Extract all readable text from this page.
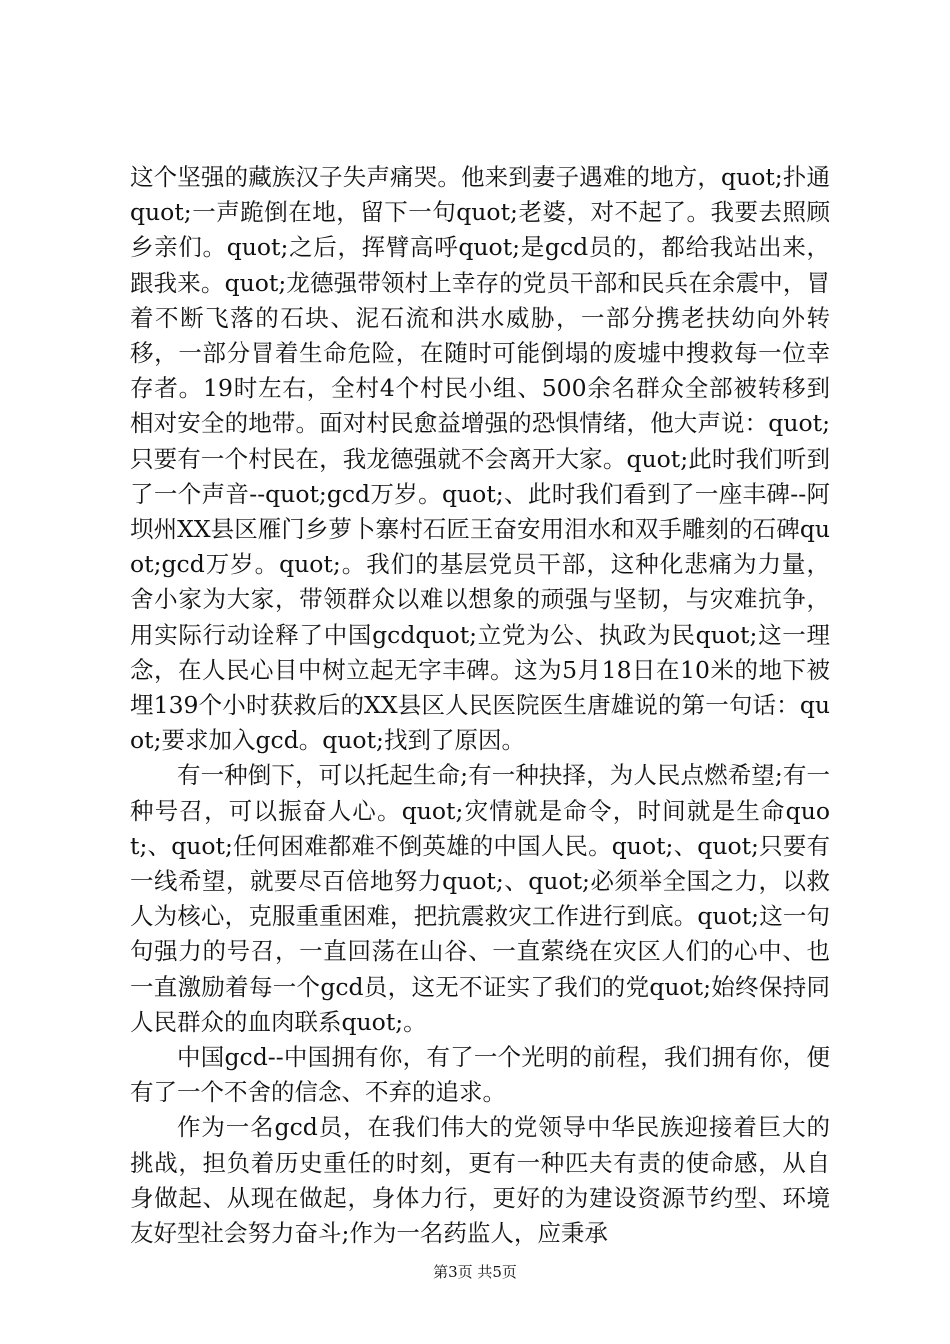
这个坚强的藏族汉子失声痛哭。他来到妻子遇难的地方，quot;扑通quot;一声跪倒在地，留下一句quot;老婆，对不起了。我要去照顾乡亲们。quot;之后，挥臂高呼quot;是gcd员的，都给我站出来，跟我来。quot;龙德强带领村上幸存的党员干部和民兵在余震中，冒着不断飞落的石块、泥石流和洪水威胁，一部分携老扶幼向外转移，一部分冒着生命危险，在随时可能倒塌的废墟中搜救每一位幸存者。19时左右，全村4个村民小组、500余名群众全部被转移到相对安全的地带。面对村民愈益增强的恐惧情绪，他大声说：quot;只要有一个村民在，我龙德强就不会离开大家。quot;此时我们听到了一个声音--quot;gcd万岁。quot;、此时我们看到了一座丰碑--阿坝州XX县区雁门乡萝卜寨村石匠王奋安用泪水和双手雕刻的石碑quot;gcd万岁。quot;。我们的基层党员干部，这种化悲痛为力量，舍小家为大家，带领群众以难以想象的顽强与坚韧，与灾难抗争，用实际行动诠释了中国gcdquot;立党为公、执政为民quot;这一理念，在人民心目中树立起无字丰碑。这为5月18日在10米的地下被埋139个小时获救后的XX县区人民医院医生唐雄说的第一句话：quot;要求加入gcd。quot;找到了原因。

有一种倒下，可以托起生命;有一种抉择，为人民点燃希望;有一种号召，可以振奋人心。quot;灾情就是命令，时间就是生命quot;、quot;任何困难都难不倒英雄的中国人民。quot;、quot;只要有一线希望，就要尽百倍地努力quot;、quot;必须举全国之力，以救人为核心，克服重重困难，把抗震救灾工作进行到底。quot;这一句句强力的号召，一直回荡在山谷、一直萦绕在灾区人们的心中、也一直激励着每一个gcd员，这无不证实了我们的党quot;始终保持同人民群众的血肉联系quot;。

中国gcd--中国拥有你，有了一个光明的前程，我们拥有你，便有了一个不舍的信念、不弃的追求。

作为一名gcd员，在我们伟大的党领导中华民族迎接着巨大的挑战，担负着历史重任的时刻，更有一种匹夫有责的使命感，从自身做起、从现在做起，身体力行，更好的为建设资源节约型、环境友好型社会努力奋斗;作为一名药监人，应秉承

第3页 共5页
